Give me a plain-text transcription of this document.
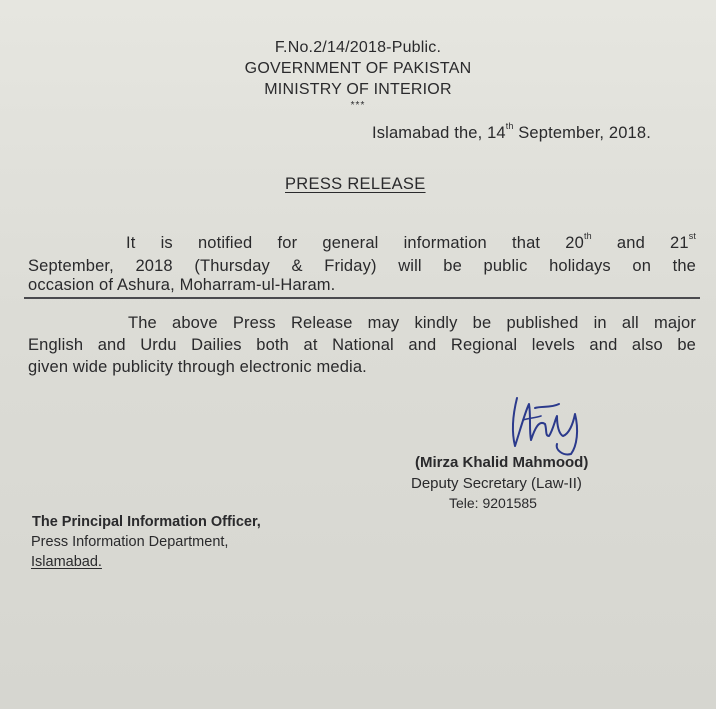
F.No.2/14/2018-Public.
GOVERNMENT OF PAKISTAN
MINISTRY OF INTERIOR
***
Islamabad the, 14th September, 2018.
PRESS RELEASE
It is notified for general information that 20th and 21st
September, 2018 (Thursday & Friday) will be public holidays on the
occasion of Ashura, Moharram-ul-Haram.
The above Press Release may kindly be published in all major
English and Urdu Dailies both at National and Regional levels and also be
given wide publicity through electronic media.
(Mirza Khalid Mahmood)
Deputy Secretary (Law-II)
Tele: 9201585
The Principal Information Officer,
Press Information Department,
Islamabad.
